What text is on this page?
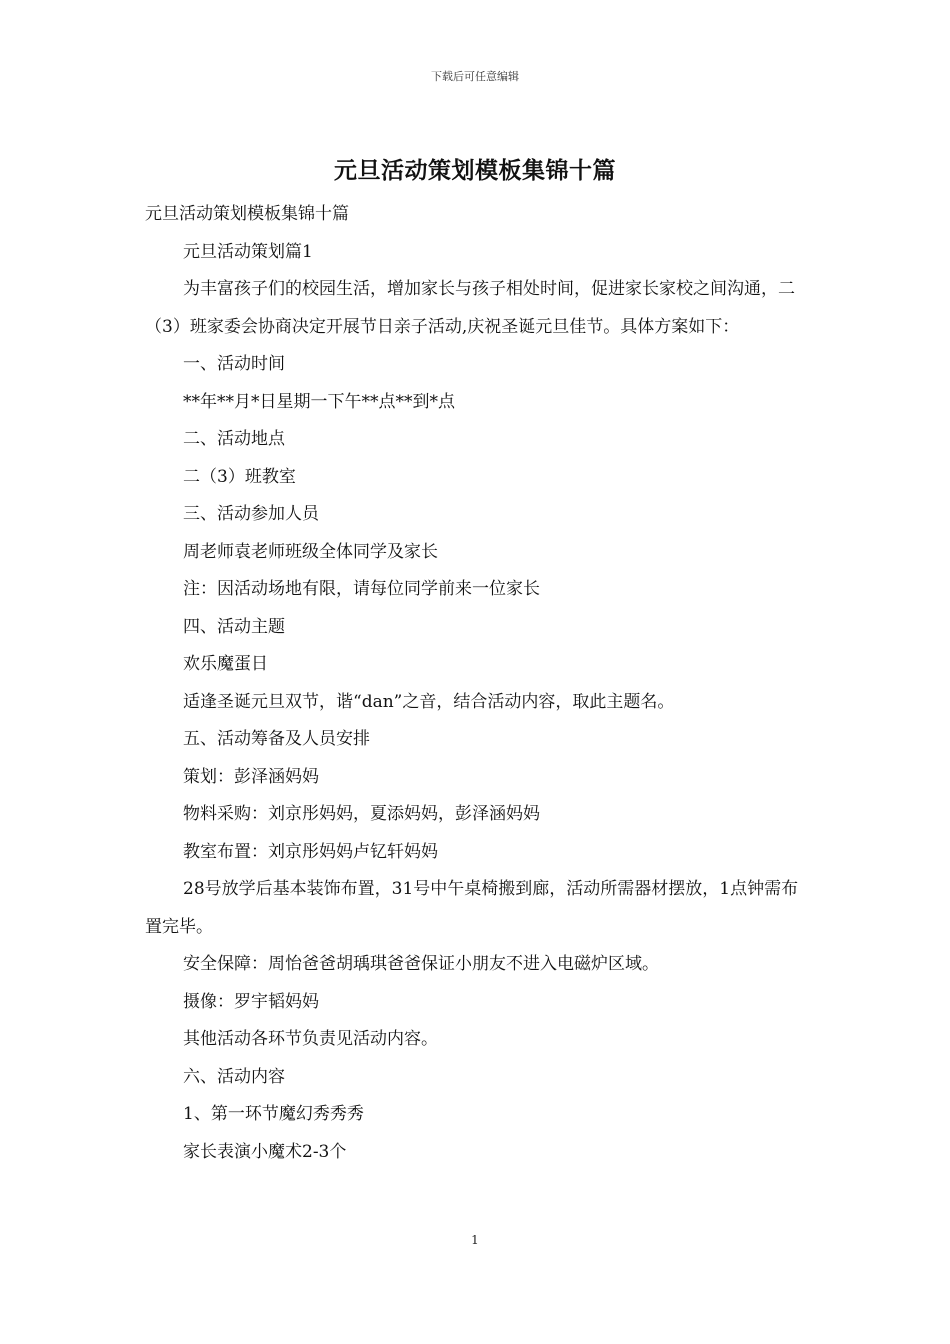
下载后可任意编辑
元旦活动策划模板集锦十篇

元旦活动策划模板集锦十篇

元旦活动策划篇1

为丰富孩子们的校园生活，增加家长与孩子相处时间，促进家长家校之间沟通，二（3）班家委会协商决定开展节日亲子活动,庆祝圣诞元旦佳节。具体方案如下：

一、活动时间

**年**月*日星期一下午**点**到*点

二、活动地点

二（3）班教室

三、活动参加人员

周老师袁老师班级全体同学及家长

注：因活动场地有限，请每位同学前来一位家长

四、活动主题

欢乐魔蛋日

适逢圣诞元旦双节，谐“dan”之音，结合活动内容，取此主题名。

五、活动筹备及人员安排

策划：彭泽涵妈妈

物料采购：刘京彤妈妈，夏添妈妈，彭泽涵妈妈

教室布置：刘京彤妈妈卢钇轩妈妈

28号放学后基本装饰布置，31号中午桌椅搬到廊，活动所需器材摆放，1点钟需布置完毕。

安全保障：周怡爸爸胡瑀琪爸爸保证小朋友不进入电磁炉区域。

摄像：罗宇韬妈妈

其他活动各环节负责见活动内容。

六、活动内容

1、第一环节魔幻秀秀秀

家长表演小魔术2-3个

1
